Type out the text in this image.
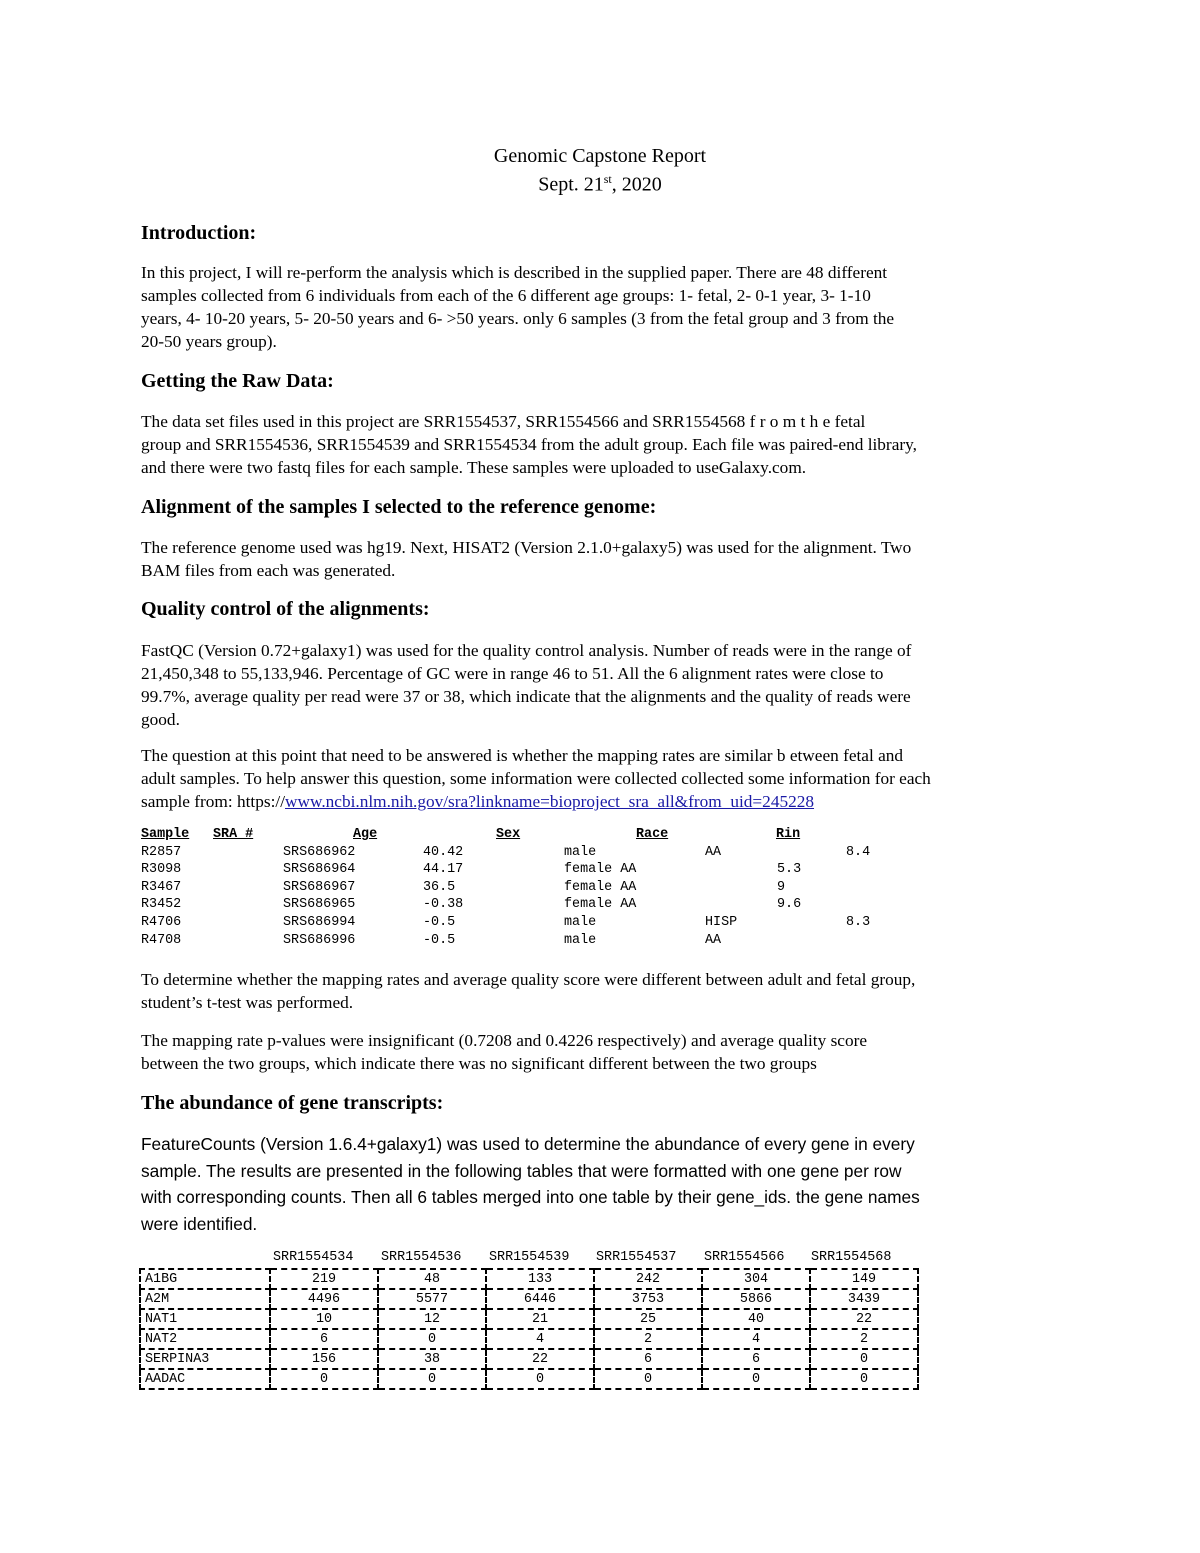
Genomic Capstone Report
Sept. 21st, 2020
Introduction:
In this project, I will re-perform the analysis which is described in the supplied paper. There are 48 different
samples collected from 6 individuals from each of the 6 different age groups: 1- fetal, 2- 0-1 year, 3- 1-10
years, 4- 10-20 years, 5- 20-50 years and 6- >50 years. only 6 samples (3 from the fetal group and 3 from the
20-50 years group).
Getting the Raw Data:
The data set files used in this project are SRR1554537, SRR1554566 and SRR1554568 f r o m t h e fetal
group and SRR1554536, SRR1554539 and SRR1554534 from the adult group. Each file was paired-end library,
and there were two fastq files for each sample. These samples were uploaded to useGalaxy.com.
Alignment of the samples I selected to the reference genome:
The reference genome used was hg19. Next, HISAT2 (Version 2.1.0+galaxy5) was used for the alignment. Two
BAM files from each was generated.
Quality control of the alignments:
FastQC (Version 0.72+galaxy1) was used for the quality control analysis. Number of reads were in the range of
21,450,348 to 55,133,946. Percentage of GC were in range 46 to 51. All the 6 alignment rates were close to
99.7%, average quality per read were 37 or 38, which indicate that the alignments and the quality of reads were
good.
The question at this point that need to be answered is whether the mapping rates are similar b etween fetal and
adult samples. To help answer this question, some information were collected collected some information for each
sample from: https://www.ncbi.nlm.nih.gov/sra?linkname=bioproject_sra_all&from_uid=245228
Sample SRA #	Age	Sex	Race	Rin
R2857	SRS686962	40.42	male	AA	8.4
R3098	SRS686964	44.17	female AA	5.3
R3467	SRS686967	36.5	female AA	9
R3452	SRS686965	-0.38	female AA	9.6
R4706	SRS686994	-0.5	male	HISP	8.3
R4708	SRS686996	-0.5	male	AA
To determine whether the mapping rates and average quality score were different between adult and fetal group,
student’s t-test was performed.
The mapping rate p-values were insignificant (0.7208 and 0.4226 respectively) and average quality score
between the two groups, which indicate there was no significant different between the two groups
The abundance of gene transcripts:
FeatureCounts (Version 1.6.4+galaxy1) was used to determine the abundance of every gene in every
sample. The results are presented in the following tables that were formatted with one gene per row
with corresponding counts. Then all 6 tables merged into one table by their gene_ids. the gene names
were identified.
SRR1554534 SRR1554536 SRR1554539 SRR1554537 SRR1554566 SRR1554568
A1BG	219	48	133	242	304	149
A2M	4496	5577	6446	3753	5866	3439
NAT1	10	12	21	25	40	22
NAT2	6	0	4	2	4	2
SERPINA3	156	38	22	6	6	0
AADAC	0	0	0	0	0	0
